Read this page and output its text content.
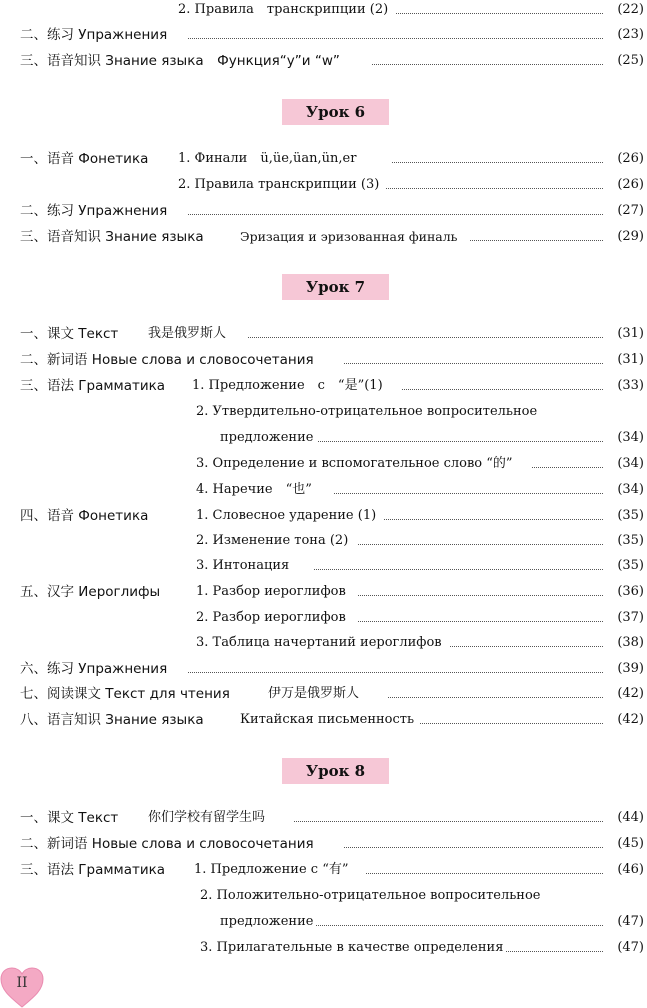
2. Правила　транскрипции (2)	(22)
二、练习 Упражнения	(23)
三、语音知识 Знание языка　Функция“y”и “w”	(25)
Урок 6
一、语音 Фонетика 1. Финали　ü,üe,üan,ün,er	(26)
2. Правила транскрипции (3)	(26)
二、练习 Упражнения	(27)
三、语音知识 Знание языка	Эризация и эризованная финаль	(29)
Урок 7
一、课文 Текст 我是俄罗斯人	(31)
二、新词语 Новые слова и словосочетания	(31)
三、语法 Грамматика 1. Предложение　с　“是”(1)	(33)
2. Утвердительно-отрицательное вопросительное
предложение	(34)
3. Определение и вспомогательное слово “的”	(34)
4. Наречие　“也”	(34)
四、语音 Фонетика	1. Словесное ударение (1)	(35)
2. Изменение тона (2)	(35)
3. Интонация	(35)
五、汉字 Иероглифы	1. Разбор иероглифов	(36)
2. Разбор иероглифов	(37)
3. Таблица начертаний иероглифов	(38)
六、练习 Упражнения	(39)
七、阅读课文 Текст для чтения	伊万是俄罗斯人	(42)
八、语言知识 Знание языка	Китайская письменность	(42)
Урок 8
一、课文 Текст 你们学校有留学生吗	(44)
二、新词语 Новые слова и словосочетания	(45)
三、语法 Грамматика 1. Предложение с “有”	(46)
2. Положительно-отрицательное вопросительное
предложение	(47)
3. Прилагательные в качестве определения	(47)
II
